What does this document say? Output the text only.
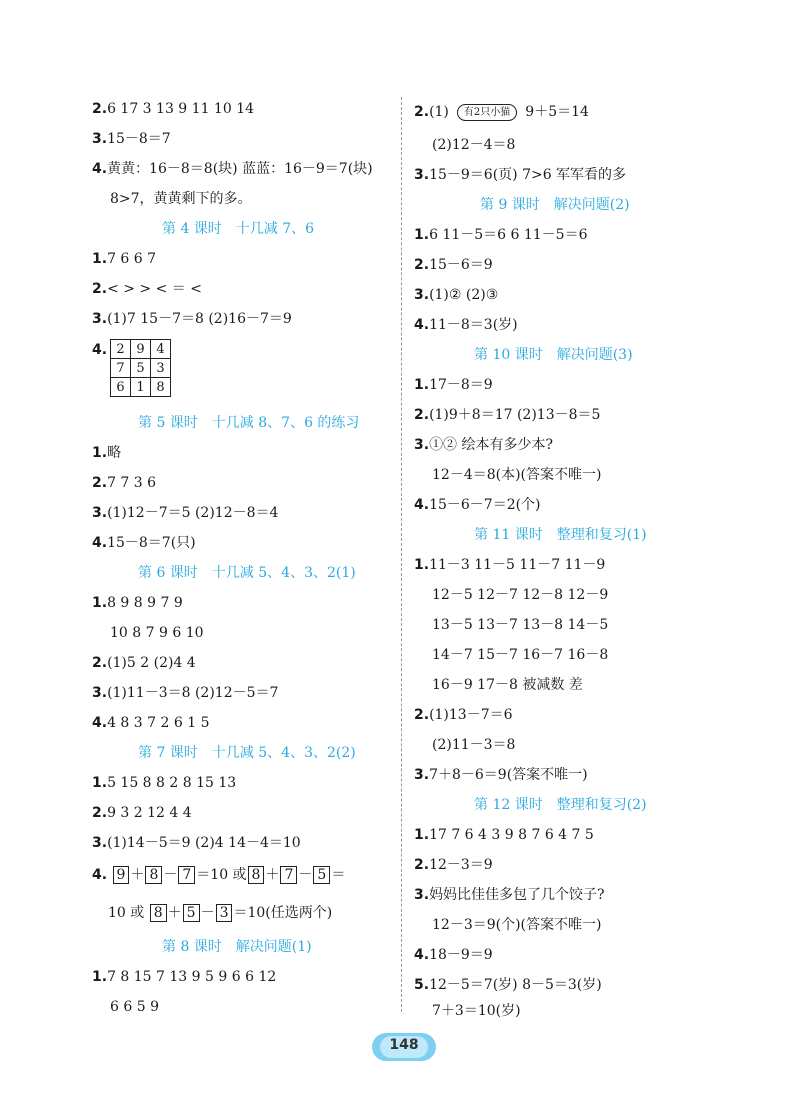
2.6 17 3 13 9 11 10 14
3.15－8＝7
4.黄黄：16－8＝8(块) 蓝蓝：16－9＝7(块)
8>7，黄黄剩下的多。
第 4 课时　十几减 7、6
1.7 6 6 7
2.< > > < ＝ <
3.(1)7 15－7＝8 (2)16－7＝9
4. 2	9	4
7	5	3
6	1	8
第 5 课时　十几减 8、7、6 的练习
1.略
2.7 7 3 6
3.(1)12－7＝5 (2)12－8＝4
4.15－8＝7(只)
第 6 课时　十几减 5、4、3、2(1)
1.8 9 8 9 7 9
10 8 7 9 6 10
2.(1)5 2 (2)4 4
3.(1)11－3＝8 (2)12－5＝7
4.4 8 3 7 2 6 1 5
第 7 课时　十几减 5、4、3、2(2)
1.5 15 8 8 2 8 15 13
2.9 3 2 12 4 4
3.(1)14－5＝9 (2)4 14－4＝10
4. 9 ＋ 8 － 7 ＝10 或 8 ＋ 7 － 5 ＝
10 或 8 ＋ 5 － 3 ＝10(任选两个)
第 8 课时　解决问题(1)
1.7 8 15 7 13 9 5 9 6 6 12
6 6 5 9
2.(1) 有2只小猫 9＋5＝14
(2)12－4＝8
3.15－9＝6(页) 7>6 军军看的多
第 9 课时　解决问题(2)
1.6 11－5＝6 6 11－5＝6
2.15－6＝9
3.(1)② (2)③
4.11－8＝3(岁)
第 10 课时　解决问题(3)
1.17－8＝9
2.(1)9＋8＝17 (2)13－8＝5
3.①② 绘本有多少本?
12－4＝8(本)(答案不唯一)
4.15－6－7＝2(个)
第 11 课时　整理和复习(1)
1.11－3 11－5 11－7 11－9
12－5 12－7 12－8 12－9
13－5 13－7 13－8 14－5
14－7 15－7 16－7 16－8
16－9 17－8 被减数 差
2.(1)13－7＝6
(2)11－3＝8
3.7＋8－6＝9(答案不唯一)
第 12 课时　整理和复习(2)
1.17 7 6 4 3 9 8 7 6 4 7 5
2.12－3＝9
3.妈妈比佳佳多包了几个饺子?
12－3＝9(个)(答案不唯一)
4.18－9＝9
5.12－5＝7(岁) 8－5＝3(岁)
7＋3＝10(岁)
148
